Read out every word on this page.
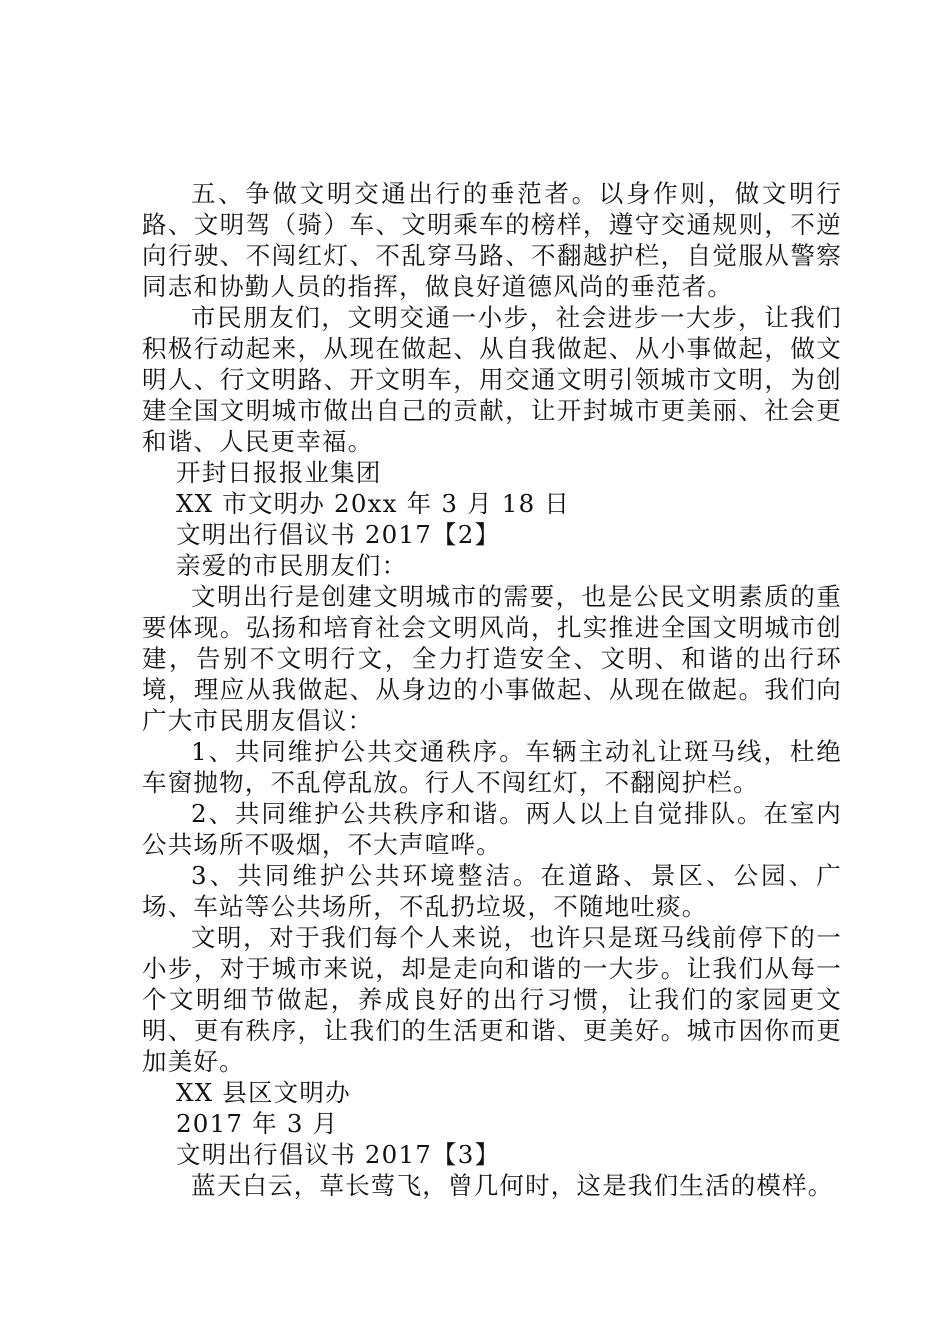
五、争做文明交通出行的垂范者。以身作则，做文明行路、文明驾（骑）车、文明乘车的榜样，遵守交通规则，不逆向行驶、不闯红灯、不乱穿马路、不翻越护栏，自觉服从警察同志和协勤人员的指挥，做良好道德风尚的垂范者。

市民朋友们，文明交通一小步，社会进步一大步，让我们积极行动起来，从现在做起、从自我做起、从小事做起，做文明人、行文明路、开文明车，用交通文明引领城市文明，为创建全国文明城市做出自己的贡献，让开封城市更美丽、社会更和谐、人民更幸福。

开封日报报业集团

XX 市文明办 20xx 年 3 月 18 日

文明出行倡议书 2017【2】

亲爱的市民朋友们：

文明出行是创建文明城市的需要，也是公民文明素质的重要体现。弘扬和培育社会文明风尚，扎实推进全国文明城市创建，告别不文明行文，全力打造安全、文明、和谐的出行环境，理应从我做起、从身边的小事做起、从现在做起。我们向广大市民朋友倡议：

1、共同维护公共交通秩序。车辆主动礼让斑马线，杜绝车窗抛物，不乱停乱放。行人不闯红灯，不翻阅护栏。

2、共同维护公共秩序和谐。两人以上自觉排队。在室内公共场所不吸烟，不大声喧哗。

3、共同维护公共环境整洁。在道路、景区、公园、广场、车站等公共场所，不乱扔垃圾，不随地吐痰。

文明，对于我们每个人来说，也许只是斑马线前停下的一小步，对于城市来说，却是走向和谐的一大步。让我们从每一个文明细节做起，养成良好的出行习惯，让我们的家园更文明、更有秩序，让我们的生活更和谐、更美好。城市因你而更加美好。

XX 县区文明办

2017 年 3 月

文明出行倡议书 2017【3】

蓝天白云，草长莺飞，曾几何时，这是我们生活的模样。
